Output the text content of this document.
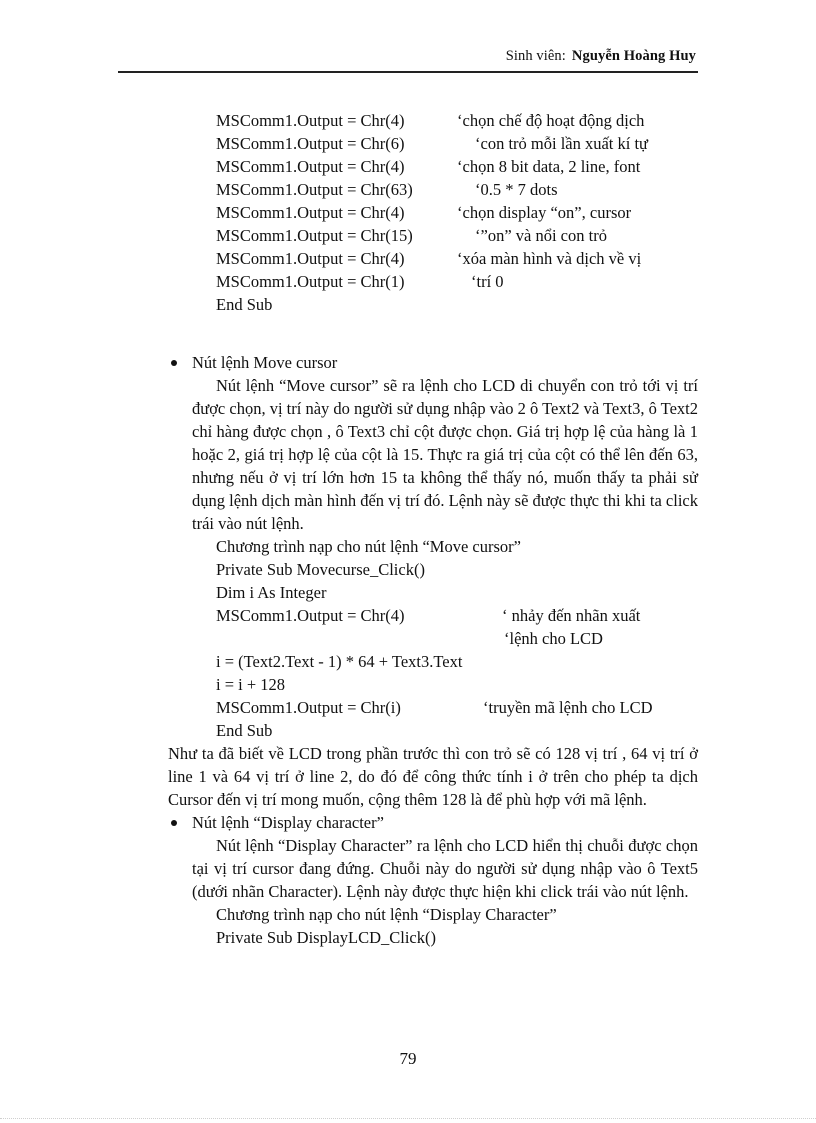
Sinh viên: Nguyễn Hoàng Huy
MSComm1.Output = Chr(4)	‘chọn chế độ hoạt động dịch
MSComm1.Output = Chr(6)	‘con trỏ mỗi lần xuất kí tự
MSComm1.Output = Chr(4)	‘chọn 8 bit data, 2 line, font
MSComm1.Output = Chr(63)	‘0.5 * 7 dots
MSComm1.Output = Chr(4)	‘chọn display “on”, cursor
MSComm1.Output = Chr(15)	‘”on” và nổi con trỏ
MSComm1.Output = Chr(4)	‘xóa màn hình và dịch về vị
MSComm1.Output = Chr(1)	‘trí 0
End Sub
Nút lệnh Move cursor
Nút lệnh “Move cursor” sẽ ra lệnh cho LCD di chuyển con trỏ tới vị trí được chọn, vị trí này do người sử dụng nhập vào 2 ô Text2 và Text3, ô Text2 chỉ hàng được chọn , ô Text3 chỉ cột được chọn. Giá trị hợp lệ của hàng là 1 hoặc 2, giá trị hợp lệ của cột là 15. Thực ra giá trị của cột có thể lên đến 63, nhưng nếu ở vị trí lớn hơn 15 ta không thể thấy nó, muốn thấy ta phải sử dụng lệnh dịch màn hình đến vị trí đó. Lệnh này sẽ được thực thi khi ta click trái vào nút lệnh.
Chương trình nạp cho nút lệnh “Move cursor”
Private Sub Movecurse_Click()
Dim i As Integer
MSComm1.Output = Chr(4)	‘ nhảy đến nhãn xuất
‘lệnh cho LCD
i = (Text2.Text - 1) * 64 + Text3.Text
i = i + 128
MSComm1.Output = Chr(i)	‘truyền mã lệnh cho LCD
End Sub
Như ta đã biết về LCD trong phần trước thì con trỏ sẽ có 128 vị trí , 64 vị trí ở line 1 và 64 vị trí ở line 2, do đó để công thức tính i ở trên cho phép ta dịch Cursor đến vị trí mong muốn, cộng thêm 128 là để phù hợp với mã lệnh.
Nút lệnh “Display character”
Nút lệnh “Display Character” ra lệnh cho LCD hiển thị chuỗi được chọn tại vị trí cursor đang đứng. Chuỗi này do người sử dụng nhập vào ô Text5 (dưới nhãn Character). Lệnh này được thực hiện khi click trái vào nút lệnh.
Chương trình nạp cho nút lệnh “Display Character”
Private Sub DisplayLCD_Click()
79
